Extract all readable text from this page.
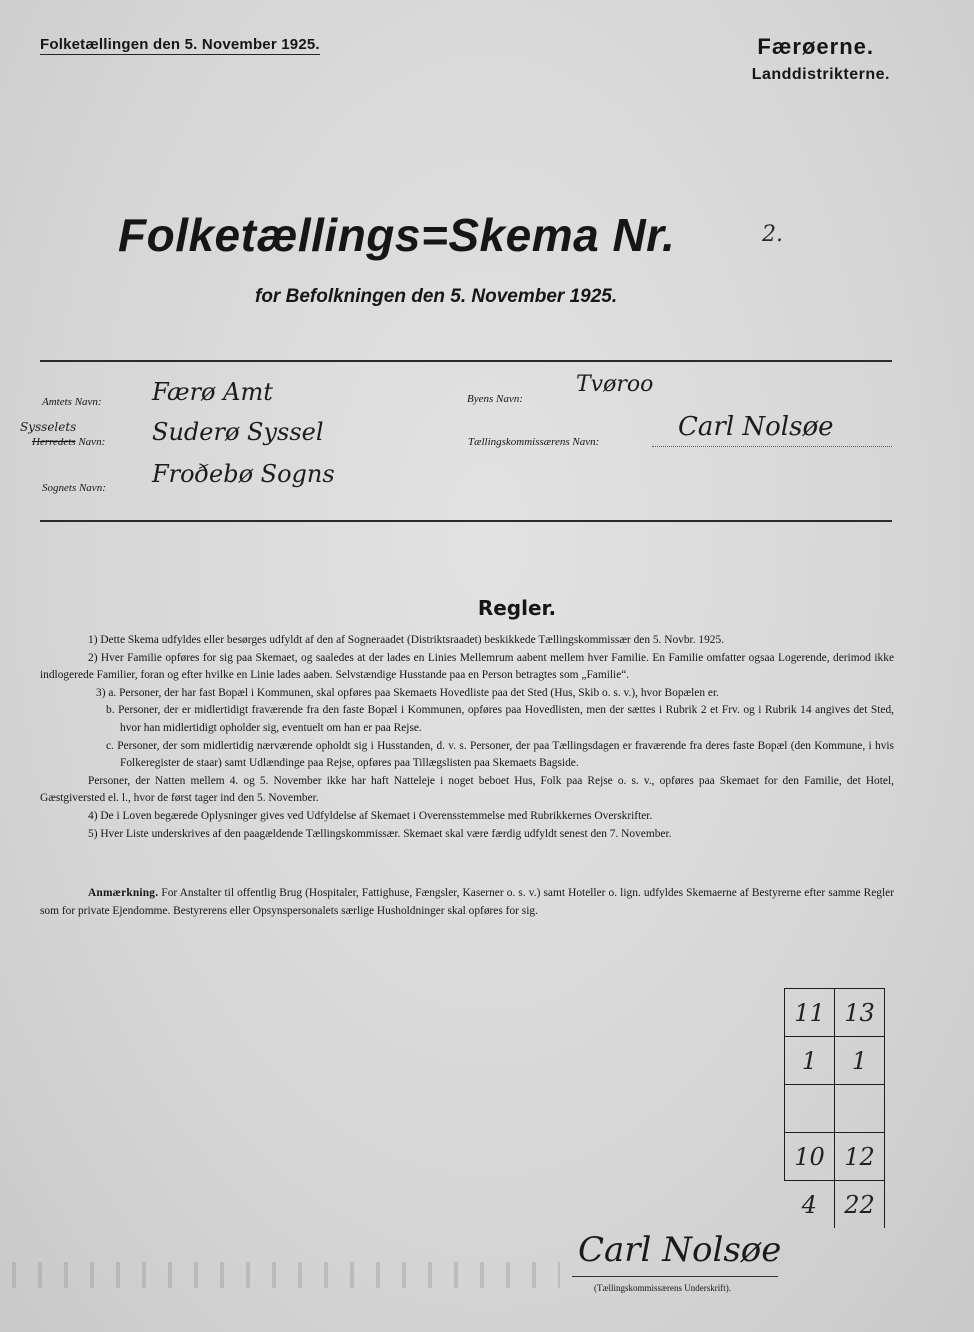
Folketællingen den 5. November 1925.	Færøerne.
Landdistrikterne.
Folketællings=Skema Nr.	2.
for Befolkningen den 5. November 1925.
Amtets Navn: Færø Amt
Sysselets
Herredets Navn: Suderø Syssel
Sognets Navn: Froðebø Sogns
Byens Navn:
Tvøroo
Tællingskommissærens Navn:	Carl Nolsøe
Regler.

1) Dette Skema udfyldes eller besørges udfyldt af den af Sogneraadet (Distriktsraadet) beskikkede Tællingskommissær den 5. Novbr. 1925.

2) Hver Familie opføres for sig paa Skemaet, og saaledes at der lades en Linies Mellemrum aabent mellem hver Familie. En Familie omfatter ogsaa Logerende, derimod ikke indlogerede Familier, foran og efter hvilke en Linie lades aaben. Selvstændige Husstande paa en Person betragtes som „Familie“.

3) a. Personer, der har fast Bopæl i Kommunen, skal opføres paa Skemaets Hovedliste paa det Sted (Hus, Skib o. s. v.), hvor Bopælen er.

b. Personer, der er midlertidigt fraværende fra den faste Bopæl i Kommunen, opføres paa Hovedlisten, men der sættes i Rubrik 2 et Frv. og i Rubrik 14 angives det Sted, hvor han midlertidigt opholder sig, eventuelt om han er paa Rejse.

c. Personer, der som midlertidig nærværende opholdt sig i Husstanden, d. v. s. Personer, der paa Tællingsdagen er fraværende fra deres faste Bopæl (den Kommune, i hvis Folkeregister de staar) samt Udlændinge paa Rejse, opføres paa Tillægslisten paa Skemaets Bagside.

Personer, der Natten mellem 4. og 5. November ikke har haft Natteleje i noget beboet Hus, Folk paa Rejse o. s. v., opføres paa Skemaet for den Familie, det Hotel, Gæstgiversted el. l., hvor de først tager ind den 5. November.

4) De i Loven begærede Oplysninger gives ved Udfyldelse af Skemaet i Overensstemmelse med Rubrikkernes Overskrifter.

5) Hver Liste underskrives af den paagældende Tællingskommissær. Skemaet skal være færdig udfyldt senest den 7. November.

Anmærkning. For Anstalter til offentlig Brug (Hospitaler, Fattighuse, Fængsler, Kaserner o. s. v.) samt Hoteller o. lign. udfyldes Skemaerne af Bestyrerne efter samme Regler som for private Ejendomme. Bestyrerens eller Opsynspersonalets særlige Husholdninger skal opføres for sig.
11	13
1	1

10	12
4	22
Carl Nolsøe
(Tællingskommissærens Underskrift).
